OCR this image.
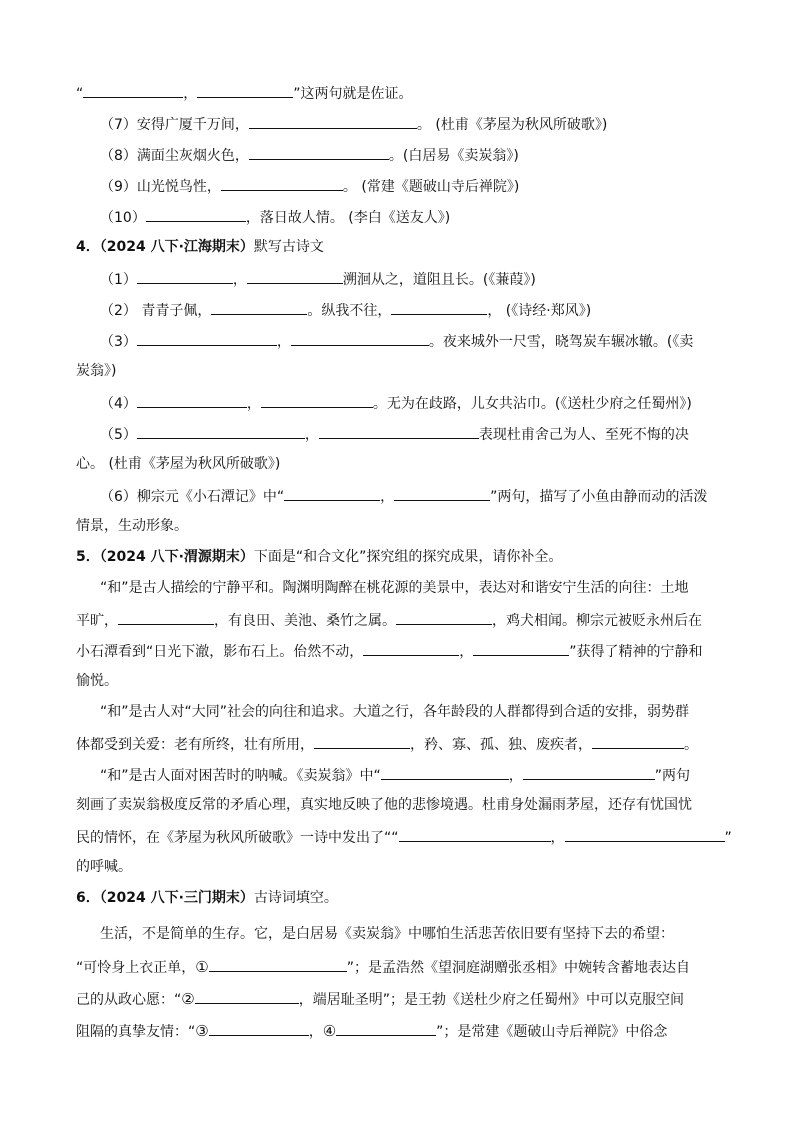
“	，	”这两句就是佐证。
（7）安得广厦千万间，	。 (杜甫《茅屋为秋风所破歌》)
（8）满面尘灰烟火色，	。(白居易《卖炭翁》)
（9）山光悦鸟性，	。 (常建《题破山寺后禅院》)
（10）	，落日故人情。 (李白《送友人》)
4．（2024 八下·江海期末）默写古诗文
（1）	，	溯洄从之，道阻且长。(《蒹葭》)
（2） 青青子佩，	。纵我不往，	， (《诗经·郑风》)
（3）	，	。夜来城外一尺雪，晓驾炭车辗冰辙。(《卖
炭翁》)
（4）	，	。无为在歧路，儿女共沾巾。(《送杜少府之任蜀州》)
（5）	，	表现杜甫舍己为人、至死不悔的决
心。 (杜甫《茅屋为秋风所破歌》)
（6）柳宗元《小石潭记》中“	，	”两句，描写了小鱼由静而动的活泼
情景，生动形象。
5．（2024 八下·渭源期末）下面是“和合文化”探究组的探究成果，请你补全。
“和”是古人描绘的宁静平和。陶渊明陶醉在桃花源的美景中，表达对和谐安宁生活的向往：土地
平旷，	，有良田、美池、桑竹之属。	，鸡犬相闻。柳宗元被贬永州后在
小石潭看到“日光下澈，影布石上。佁然不动，	，	”获得了精神的宁静和
愉悦。
“和”是古人对“大同”社会的向往和追求。大道之行，各年龄段的人群都得到合适的安排，弱势群
体都受到关爱：老有所终，壮有所用，	，矜、寡、孤、独、废疾者，	。
“和”是古人面对困苦时的呐喊。《卖炭翁》中“	，	”两句
刻画了卖炭翁极度反常的矛盾心理，真实地反映了他的悲惨境遇。杜甫身处漏雨茅屋，还存有忧国忧
民的情怀，在《茅屋为秋风所破歌》一诗中发出了““	，	”
的呼喊。
6．（2024 八下·三门期末）古诗词填空。
生活，不是简单的生存。它，是白居易《卖炭翁》中哪怕生活悲苦依旧要有坚持下去的希望：
“可怜身上衣正单，①	”；是孟浩然《望洞庭湖赠张丞相》中婉转含蓄地表达自
己的从政心愿：“②	，端居耻圣明”；是王勃《送杜少府之任蜀州》中可以克服空间
阻隔的真挚友情：“③	，④	”；是常建《题破山寺后禅院》中俗念
